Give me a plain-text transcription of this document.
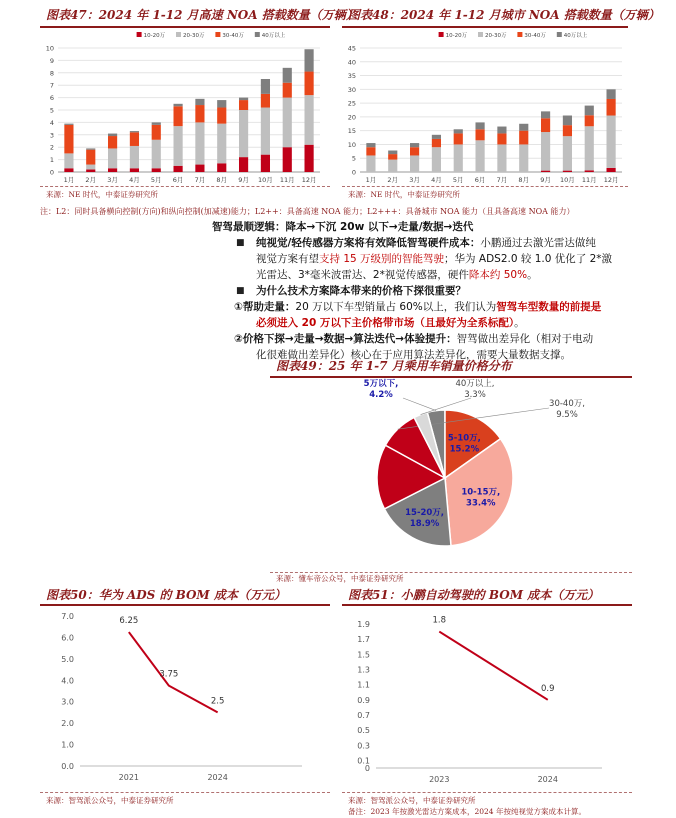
图表47：2024 年 1-12 月高速 NOA 搭载数量（万辆）
0
1
2
3
4
5
6
7
8
9
10
1月 2月 3月 4月 5月 6月 7月 8月 9月 10月 11月 12月
10-20万	20-30万	30-40万	40万以上
来源：NE 时代，中泰证券研究所
图表48：2024 年 1-12 月城市 NOA 搭载数量（万辆）
0
5
10
15
20
25
30
35
40
45
1月 2月 3月 4月 5月 6月 7月 8月 9月 10月 11月 12月
10-20万	20-30万	30-40万	40万以上
来源：NE 时代，中泰证券研究所
注：L2：同时具备横向控制(方向)和纵向控制(加减速)能力；L2++：具备高速 NOA 能力；L2+++：具备城市 NOA 能力（且具备高速 NOA 能力）
智驾最顺逻辑：降本→下沉 20w 以下→走量/数据→迭代
■ 纯视觉/轻传感器方案将有效降低智驾硬件成本：小鹏通过去激光雷达做纯
视觉方案有望支持 15 万级别的智能驾驶；华为 ADS2.0 较 1.0 优化了 2*激
光雷达、3*毫米波雷达、2*视觉传感器，硬件降本约 50%。
■ 为什么技术方案降本带来的价格下探很重要？
①帮助走量：20 万以下车型销量占 60%以上，我们认为智驾车型数量的前提是
必须进入 20 万以下主价格带市场（且最好为全系标配）。
②价格下探→走量→数据→算法迭代→体验提升：智驾做出差异化（相对于电动
化很难做出差异化）核心在于应用算法差异化，需要大量数据支撑。
图表49：25 年 1-7 月乘用车销量价格分布
5万以下,
4.2%
5-10万,
15.2%
10-15万,
33.4%
15-20万,
18.9%
20-30万,
15.5%
30-40万,
9.5%
40万以上,
3.3%
来源：懂车帝公众号，中泰证券研究所
图表50：华为 ADS 的 BOM 成本（万元）
0.0
1.0
2.0
3.0
4.0
5.0
6.0
7.0	6.25
3.75
2.5
2021	2024
来源：智驾派公众号，中泰证券研究所
图表51：小鹏自动驾驶的 BOM 成本（万元）
0
0.1
0.3
0.5
0.7
0.9
1.1
1.3
1.5
1.7
1.9	1.8
2023
0.9
2024
来源：智驾派公众号，中泰证券研究所
备注：2023 年按激光雷达方案成本，2024 年按纯视觉方案成本计算。
